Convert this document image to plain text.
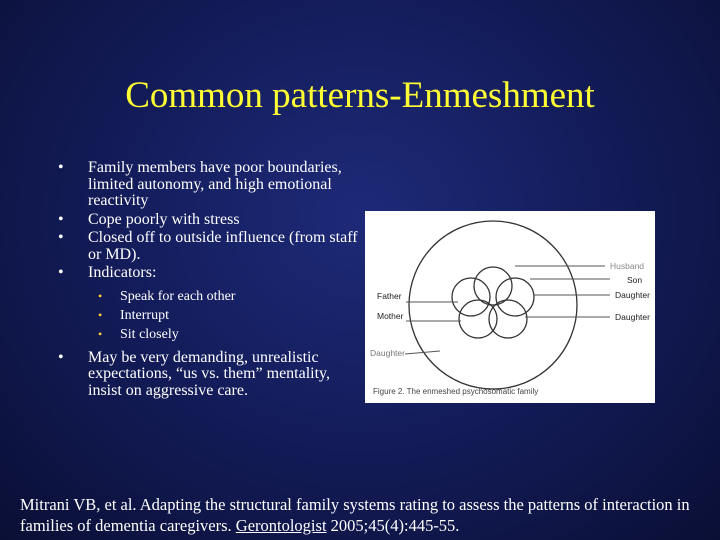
Common patterns-Enmeshment
• Family members have poor boundaries, limited autonomy, and high emotional reactivity
• Cope poorly with stress
• Closed off to outside influence (from staff or MD).
• Indicators:
• Speak for each other
• Interrupt
• Sit closely
• May be very demanding, unrealistic expectations, “us vs. them” mentality, insist on aggressive care.
Father
Mother
Daughter
Husband
Son
Daughter
Daughter
Figure 2. The enmeshed psychosomatic family
Mitrani VB, et al. Adapting the structural family systems rating to assess the patterns of interaction in families of dementia caregivers. Gerontologist 2005;45(4):445-55.
